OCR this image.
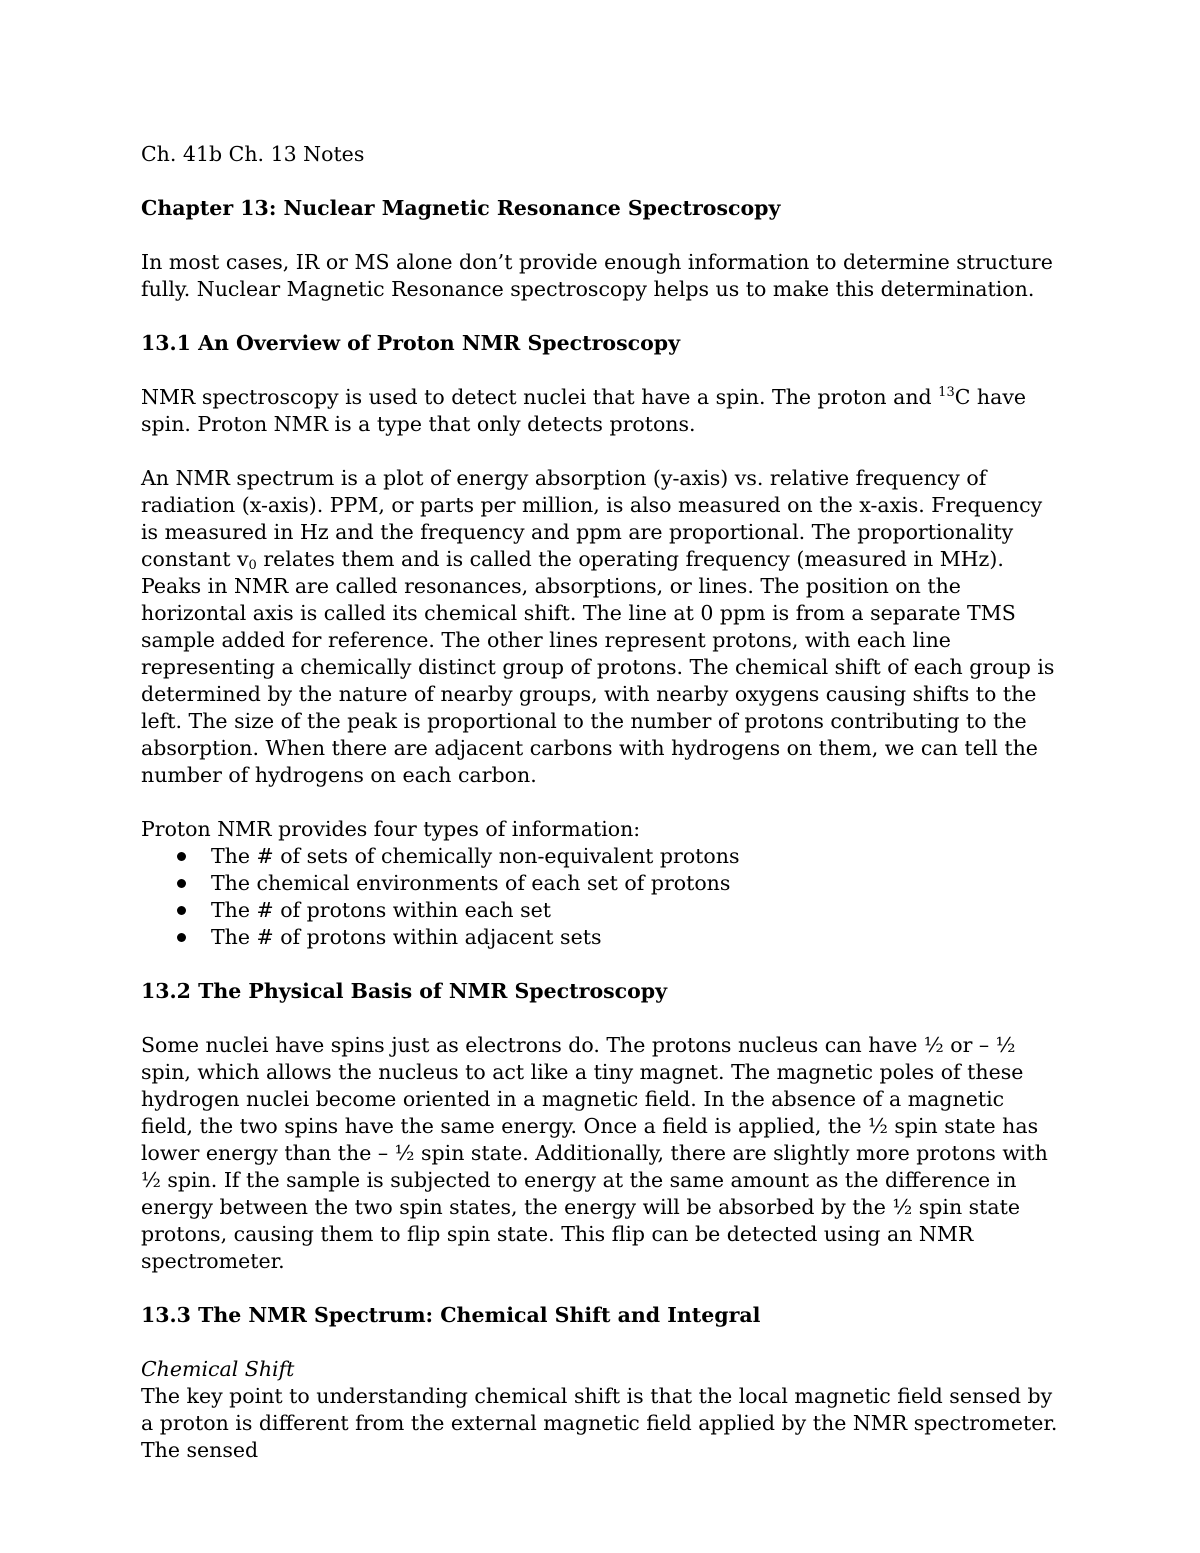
Ch. 41b Ch. 13 Notes

Chapter 13: Nuclear Magnetic Resonance Spectroscopy

In most cases, IR or MS alone don’t provide enough information to determine structure fully. Nuclear Magnetic Resonance spectroscopy helps us to make this determination.

13.1 An Overview of Proton NMR Spectroscopy

NMR spectroscopy is used to detect nuclei that have a spin. The proton and $^{13}$C have spin. Proton NMR is a type that only detects protons.

An NMR spectrum is a plot of energy absorption (y-axis) vs. relative frequency of radiation (x-axis). PPM, or parts per million, is also measured on the x-axis. Frequency is measured in Hz and the frequency and ppm are proportional. The proportionality constant $v_0$ relates them and is called the operating frequency (measured in MHz). Peaks in NMR are called resonances, absorptions, or lines. The position on the horizontal axis is called its chemical shift. The line at 0 ppm is from a separate TMS sample added for reference. The other lines represent protons, with each line representing a chemically distinct group of protons. The chemical shift of each group is determined by the nature of nearby groups, with nearby oxygens causing shifts to the left. The size of the peak is proportional to the number of protons contributing to the absorption. When there are adjacent carbons with hydrogens on them, we can tell the number of hydrogens on each carbon.

Proton NMR provides four types of information:

The # of sets of chemically non-equivalent protons
The chemical environments of each set of protons
The # of protons within each set
The # of protons within adjacent sets

13.2 The Physical Basis of NMR Spectroscopy

Some nuclei have spins just as electrons do. The protons nucleus can have ½ or – ½ spin, which allows the nucleus to act like a tiny magnet. The magnetic poles of these hydrogen nuclei become oriented in a magnetic field. In the absence of a magnetic field, the two spins have the same energy. Once a field is applied, the ½ spin state has lower energy than the – ½ spin state. Additionally, there are slightly more protons with ½ spin. If the sample is subjected to energy at the same amount as the difference in energy between the two spin states, the energy will be absorbed by the ½ spin state protons, causing them to flip spin state. This flip can be detected using an NMR spectrometer.

13.3 The NMR Spectrum: Chemical Shift and Integral

Chemical Shift

The key point to understanding chemical shift is that the local magnetic field sensed by a proton is different from the external magnetic field applied by the NMR spectrometer. The sensed
